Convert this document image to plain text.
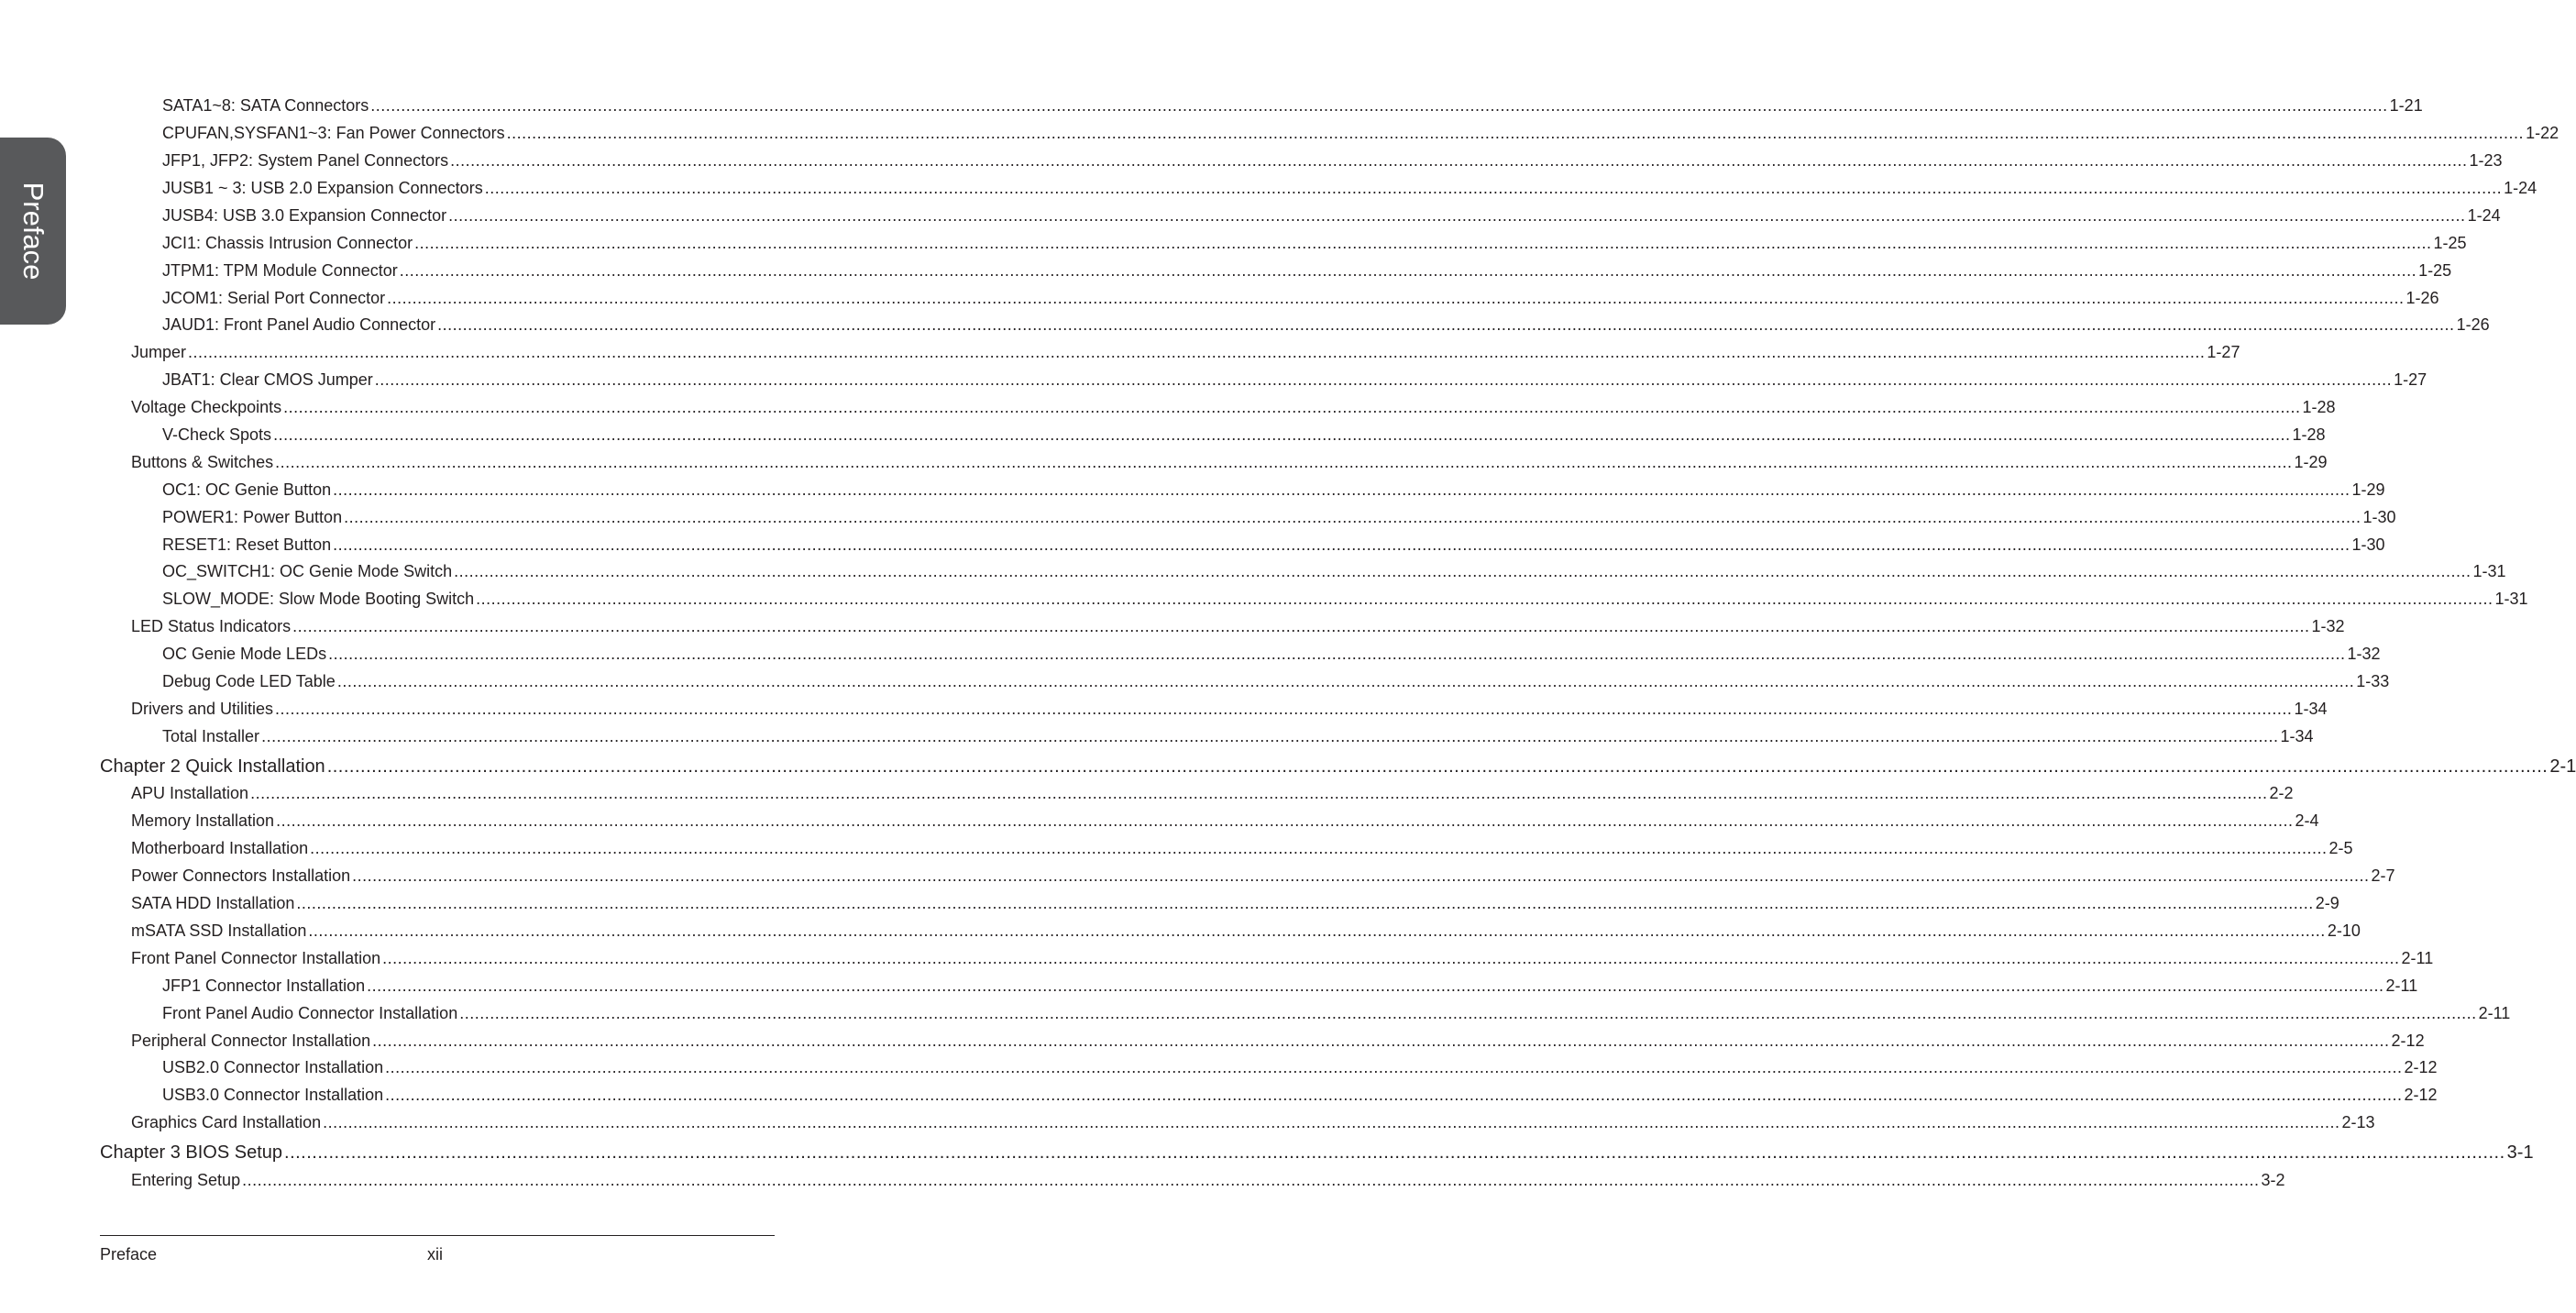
Preface
SATA1~8: SATA Connectors ................................................................................................................................................................................................................................................................................................................................................................................................................ 1-21
CPUFAN,SYSFAN1~3: Fan Power Connectors ................................................................................................................................................................................................................................................................................................................................................................................................................ 1-22
JFP1, JFP2: System Panel Connectors ................................................................................................................................................................................................................................................................................................................................................................................................................ 1-23
JUSB1 ~ 3: USB 2.0 Expansion Connectors ................................................................................................................................................................................................................................................................................................................................................................................................................ 1-24
JUSB4: USB 3.0 Expansion Connector ................................................................................................................................................................................................................................................................................................................................................................................................................ 1-24
JCI1: Chassis Intrusion Connector ................................................................................................................................................................................................................................................................................................................................................................................................................ 1-25
JTPM1: TPM Module Connector ................................................................................................................................................................................................................................................................................................................................................................................................................ 1-25
JCOM1: Serial Port Connector ................................................................................................................................................................................................................................................................................................................................................................................................................ 1-26
JAUD1: Front Panel Audio Connector ................................................................................................................................................................................................................................................................................................................................................................................................................ 1-26
Jumper ................................................................................................................................................................................................................................................................................................................................................................................................................ 1-27
JBAT1: Clear CMOS Jumper ................................................................................................................................................................................................................................................................................................................................................................................................................ 1-27
Voltage Checkpoints ................................................................................................................................................................................................................................................................................................................................................................................................................ 1-28
V-Check Spots ................................................................................................................................................................................................................................................................................................................................................................................................................ 1-28
Buttons & Switches ................................................................................................................................................................................................................................................................................................................................................................................................................ 1-29
OC1: OC Genie Button ................................................................................................................................................................................................................................................................................................................................................................................................................ 1-29
POWER1: Power Button ................................................................................................................................................................................................................................................................................................................................................................................................................ 1-30
RESET1: Reset Button ................................................................................................................................................................................................................................................................................................................................................................................................................ 1-30
OC_SWITCH1: OC Genie Mode Switch ................................................................................................................................................................................................................................................................................................................................................................................................................ 1-31
SLOW_MODE: Slow Mode Booting Switch ................................................................................................................................................................................................................................................................................................................................................................................................................ 1-31
LED Status Indicators ................................................................................................................................................................................................................................................................................................................................................................................................................ 1-32
OC Genie Mode LEDs ................................................................................................................................................................................................................................................................................................................................................................................................................ 1-32
Debug Code LED Table ................................................................................................................................................................................................................................................................................................................................................................................................................ 1-33
Drivers and Utilities ................................................................................................................................................................................................................................................................................................................................................................................................................ 1-34
Total Installer ................................................................................................................................................................................................................................................................................................................................................................................................................ 1-34
Chapter 2 Quick Installation ................................................................................................................................................................................................................................................................................................................................................................................................................ 2-1
APU Installation ................................................................................................................................................................................................................................................................................................................................................................................................................ 2-2
Memory Installation ................................................................................................................................................................................................................................................................................................................................................................................................................ 2-4
Motherboard Installation ................................................................................................................................................................................................................................................................................................................................................................................................................ 2-5
Power Connectors Installation ................................................................................................................................................................................................................................................................................................................................................................................................................ 2-7
SATA HDD Installation ................................................................................................................................................................................................................................................................................................................................................................................................................ 2-9
mSATA SSD Installation ................................................................................................................................................................................................................................................................................................................................................................................................................ 2-10
Front Panel Connector Installation ................................................................................................................................................................................................................................................................................................................................................................................................................ 2-11
JFP1 Connector Installation ................................................................................................................................................................................................................................................................................................................................................................................................................ 2-11
Front Panel Audio Connector Installation ................................................................................................................................................................................................................................................................................................................................................................................................................ 2-11
Peripheral Connector Installation ................................................................................................................................................................................................................................................................................................................................................................................................................ 2-12
USB2.0 Connector Installation ................................................................................................................................................................................................................................................................................................................................................................................................................ 2-12
USB3.0 Connector Installation ................................................................................................................................................................................................................................................................................................................................................................................................................ 2-12
Graphics Card Installation ................................................................................................................................................................................................................................................................................................................................................................................................................ 2-13
Chapter 3 BIOS Setup ................................................................................................................................................................................................................................................................................................................................................................................................................ 3-1
Entering Setup ................................................................................................................................................................................................................................................................................................................................................................................................................ 3-2
Preface	xii
